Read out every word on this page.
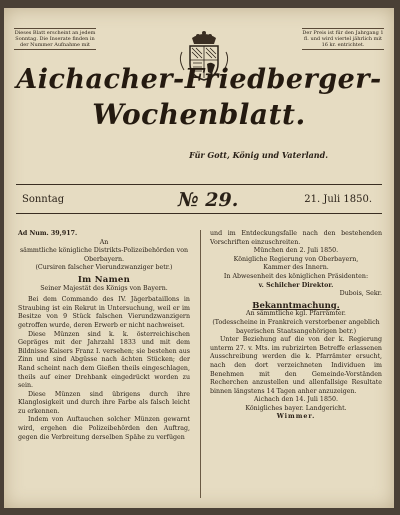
Dieses Blatt erscheint an jedem Sonntag. Die Inserate finden in der Nummer Aufnahme mit
Der Preis ist für den Jahrgang 1 fl. und wird viertel jährlich mit 16 kr. entrichtet.
Aichacher-Friedberger-
Wochenblatt.
Für Gott, König und Vaterland.
Sonntag	№ 29.	21. Juli 1850.

Ad Num. 39,917.

An

sämmtliche königliche Distrikts-Polizeibehörden von Oberbayern.

(Cursiren falscher Vierundzwanziger betr.)

Im Namen

Seiner Majestät des Königs von Bayern.

Bei dem Commando des IV. Jägerbataillons in Straubing ist ein Rekrut in Untersuchung, weil er im Besitze von 9 Stück falschen Vierundzwanzigern getroffen wurde, deren Erwerb er nicht nachweiset.

Diese Münzen sind k. k. österreichischen Gepräges mit der Jahrzahl 1833 und mit dem Bildnisse Kaisers Franz I. versehen; sie bestehen aus Zinn und sind Abgüsse nach ächten Stücken; der Rand scheint nach dem Gießen theils eingeschlagen, theils auf einer Drehbank eingedrückt worden zu sein.

Diese Münzen sind übrigens durch ihre Klanglosigkeit und durch ihre Farbe als falsch leicht zu erkennen.

Indem von Auftauchen solcher Münzen gewarnt wird, ergehen die Polizeibehörden den Auftrag, gegen die Verbreitung derselben Spähe zu verfügen

und im Entdeckungsfalle nach den bestehenden Vorschriften einzuschreiten.

München den 2. Juli 1850.

Königliche Regierung von Oberbayern,

Kammer des Innern.

In Abwesenheit des königlichen Präsidenten:

v. Schilcher Direktor.

Dubois, Sekr.

Bekanntmachung.

An sämmtliche kgl. Pfarrämter.

(Todesscheine in Frankreich verstorbener angeblich bayerischen Staatsangehörigen betr.)

Unter Beziehung auf die von der k. Regierung unterm 27. v. Mts. im rubrizirten Betreffe erlassenen Ausschreibung werden die k. Pfarrämter ersucht, nach den dort verzeichneten Individuen im Benehmen mit den Gemeinde-Vorständen Recherchen anzustellen und allenfallsige Resultate binnen längstens 14 Tagen anher anzuzeigen.

Aichach den 14. Juli 1850.

Königliches bayer. Landgericht.

Wimmer.
